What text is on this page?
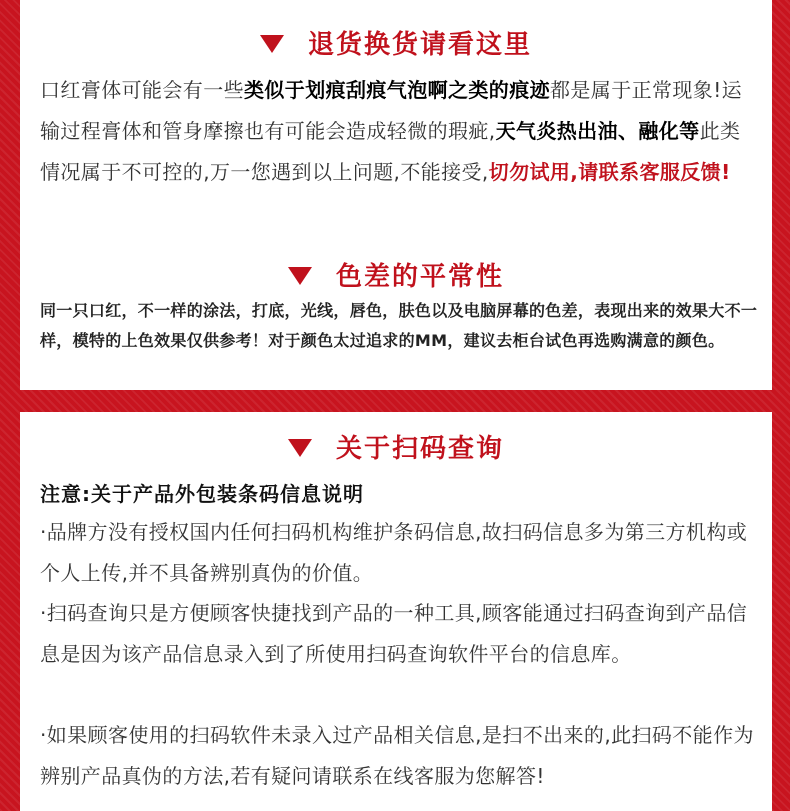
退货换货请看这里
口红膏体可能会有一些类似于划痕刮痕气泡啊之类的痕迹都是属于正常现象!运输过程膏体和管身摩擦也有可能会造成轻微的瑕疵,天气炎热出油、融化等此类情况属于不可控的,万一您遇到以上问题,不能接受,切勿试用,请联系客服反馈!
色差的平常性
同一只口红，不一样的涂法，打底，光线，唇色，肤色以及电脑屏幕的色差，表现出来的效果大不一样，模特的上色效果仅供参考！对于颜色太过追求的MM，建议去柜台试色再选购满意的颜色。
关于扫码查询
注意:关于产品外包装条码信息说明
·品牌方没有授权国内任何扫码机构维护条码信息,故扫码信息多为第三方机构或个人上传,并不具备辨别真伪的价值。
·扫码查询只是方便顾客快捷找到产品的一种工具,顾客能通过扫码查询到产品信息是因为该产品信息录入到了所使用扫码查询软件平台的信息库。
·如果顾客使用的扫码软件未录入过产品相关信息,是扫不出来的,此扫码不能作为辨别产品真伪的方法,若有疑问请联系在线客服为您解答!
